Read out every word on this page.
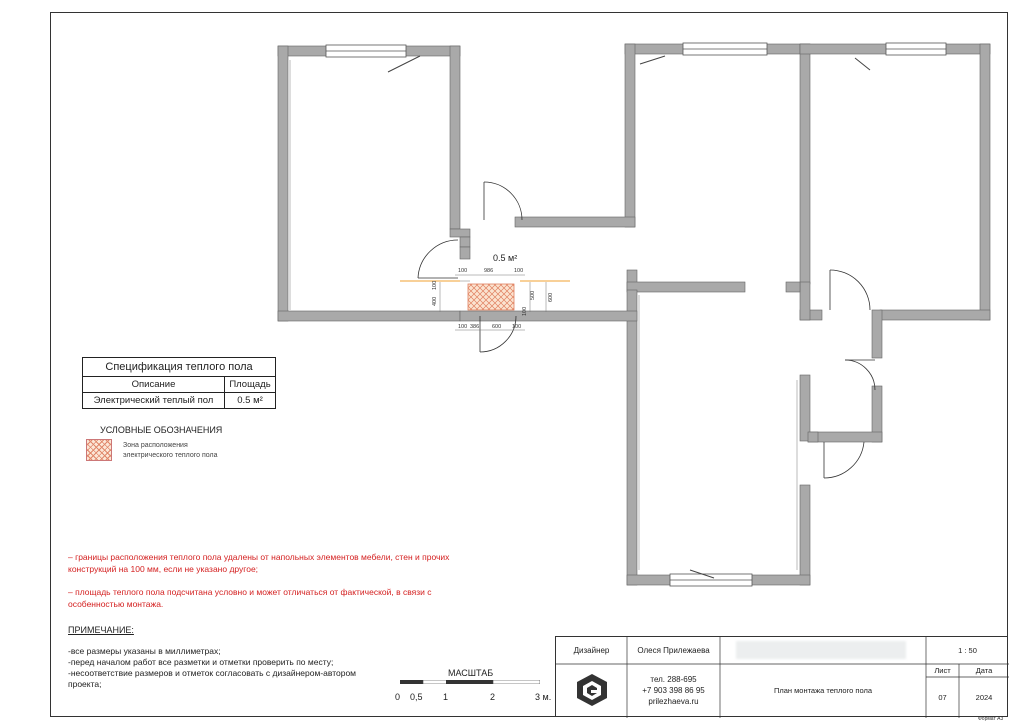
0.5 м²
100	986	100
100
400
100
500 600
100 386 600 100
Спецификация теплого пола
Описание	Площадь
Электрический теплый пол	0.5 м²
УСЛОВНЫЕ ОБОЗНАЧЕНИЯ
Зона расположения
электрического теплого пола
– границы расположения теплого пола удалены от напольных элементов мебели, стен и прочих
конструкций на 100 мм, если не указано другое;
– площадь теплого пола подсчитана условно и может отличаться от фактической, в связи с
особенностью монтажа.
ПРИМЕЧАНИЕ:
-все размеры указаны в миллиметрах;
-перед началом работ все разметки и отметки проверить по месту;
-несоответствие размеров и отметок согласовать с дизайнером-автором
проекта;
МАСШТАБ
0 0,5 1	2	3 м.
Дизайнер	Олеся Прилежаева	1 : 50
тел. 288-695
+7 903 398 86 95
prilezhaeva.ru
План монтажа теплого пола
Лист	Дата
07	2024
Формат А3
